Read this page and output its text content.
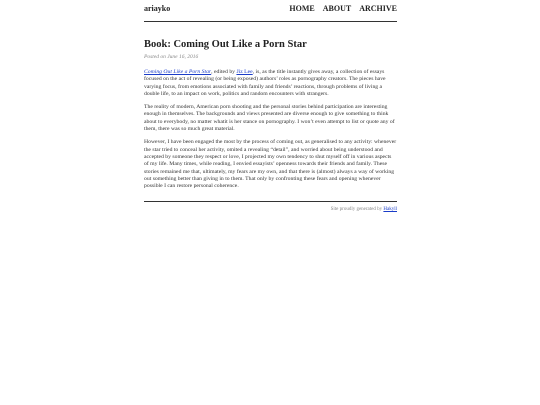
ariayko	HOME ABOUT ARCHIVE
Book: Coming Out Like a Porn Star
Posted on June 16, 2016

Coming Out Like a Porn Star, edited by Jiz Lee, is, as the title instantly gives away, a collection of essays focused on the act of revealing (or being exposed) authors’ roles as pornography creators. The pieces have varying focus, from emotions associated with family and friends’ reactions, through problems of living a double life, to an impact on work, politics and random encounters with strangers.

The reality of modern, American porn shooting and the personal stories behind participation are interesting enough in themselves. The backgrounds and views presented are diverse enough to give something to think about to everybody, no matter whatit is her stance on pornography. I won’t even attempt to list or quote any of them, there was so much great material.

However, I have been engaged the most by the process of coming out, as generalised to any activity: whenever the star tried to conceal her activity, omited a revealing “detail”, and worried about being understood and accepted by someone they respect or love, I projected my own tendency to shut myself off in various aspects of my life. Many times, while reading, I envied essayists’ openness towards their friends and family. These stories remained me that, ultimately, my fears are my own, and that there is (almost) always a way of working out something better than giving in to them. That only by confronting these fears and opening whenever possible I can restore personal coherence.

Site proudly generated by Hakyll
